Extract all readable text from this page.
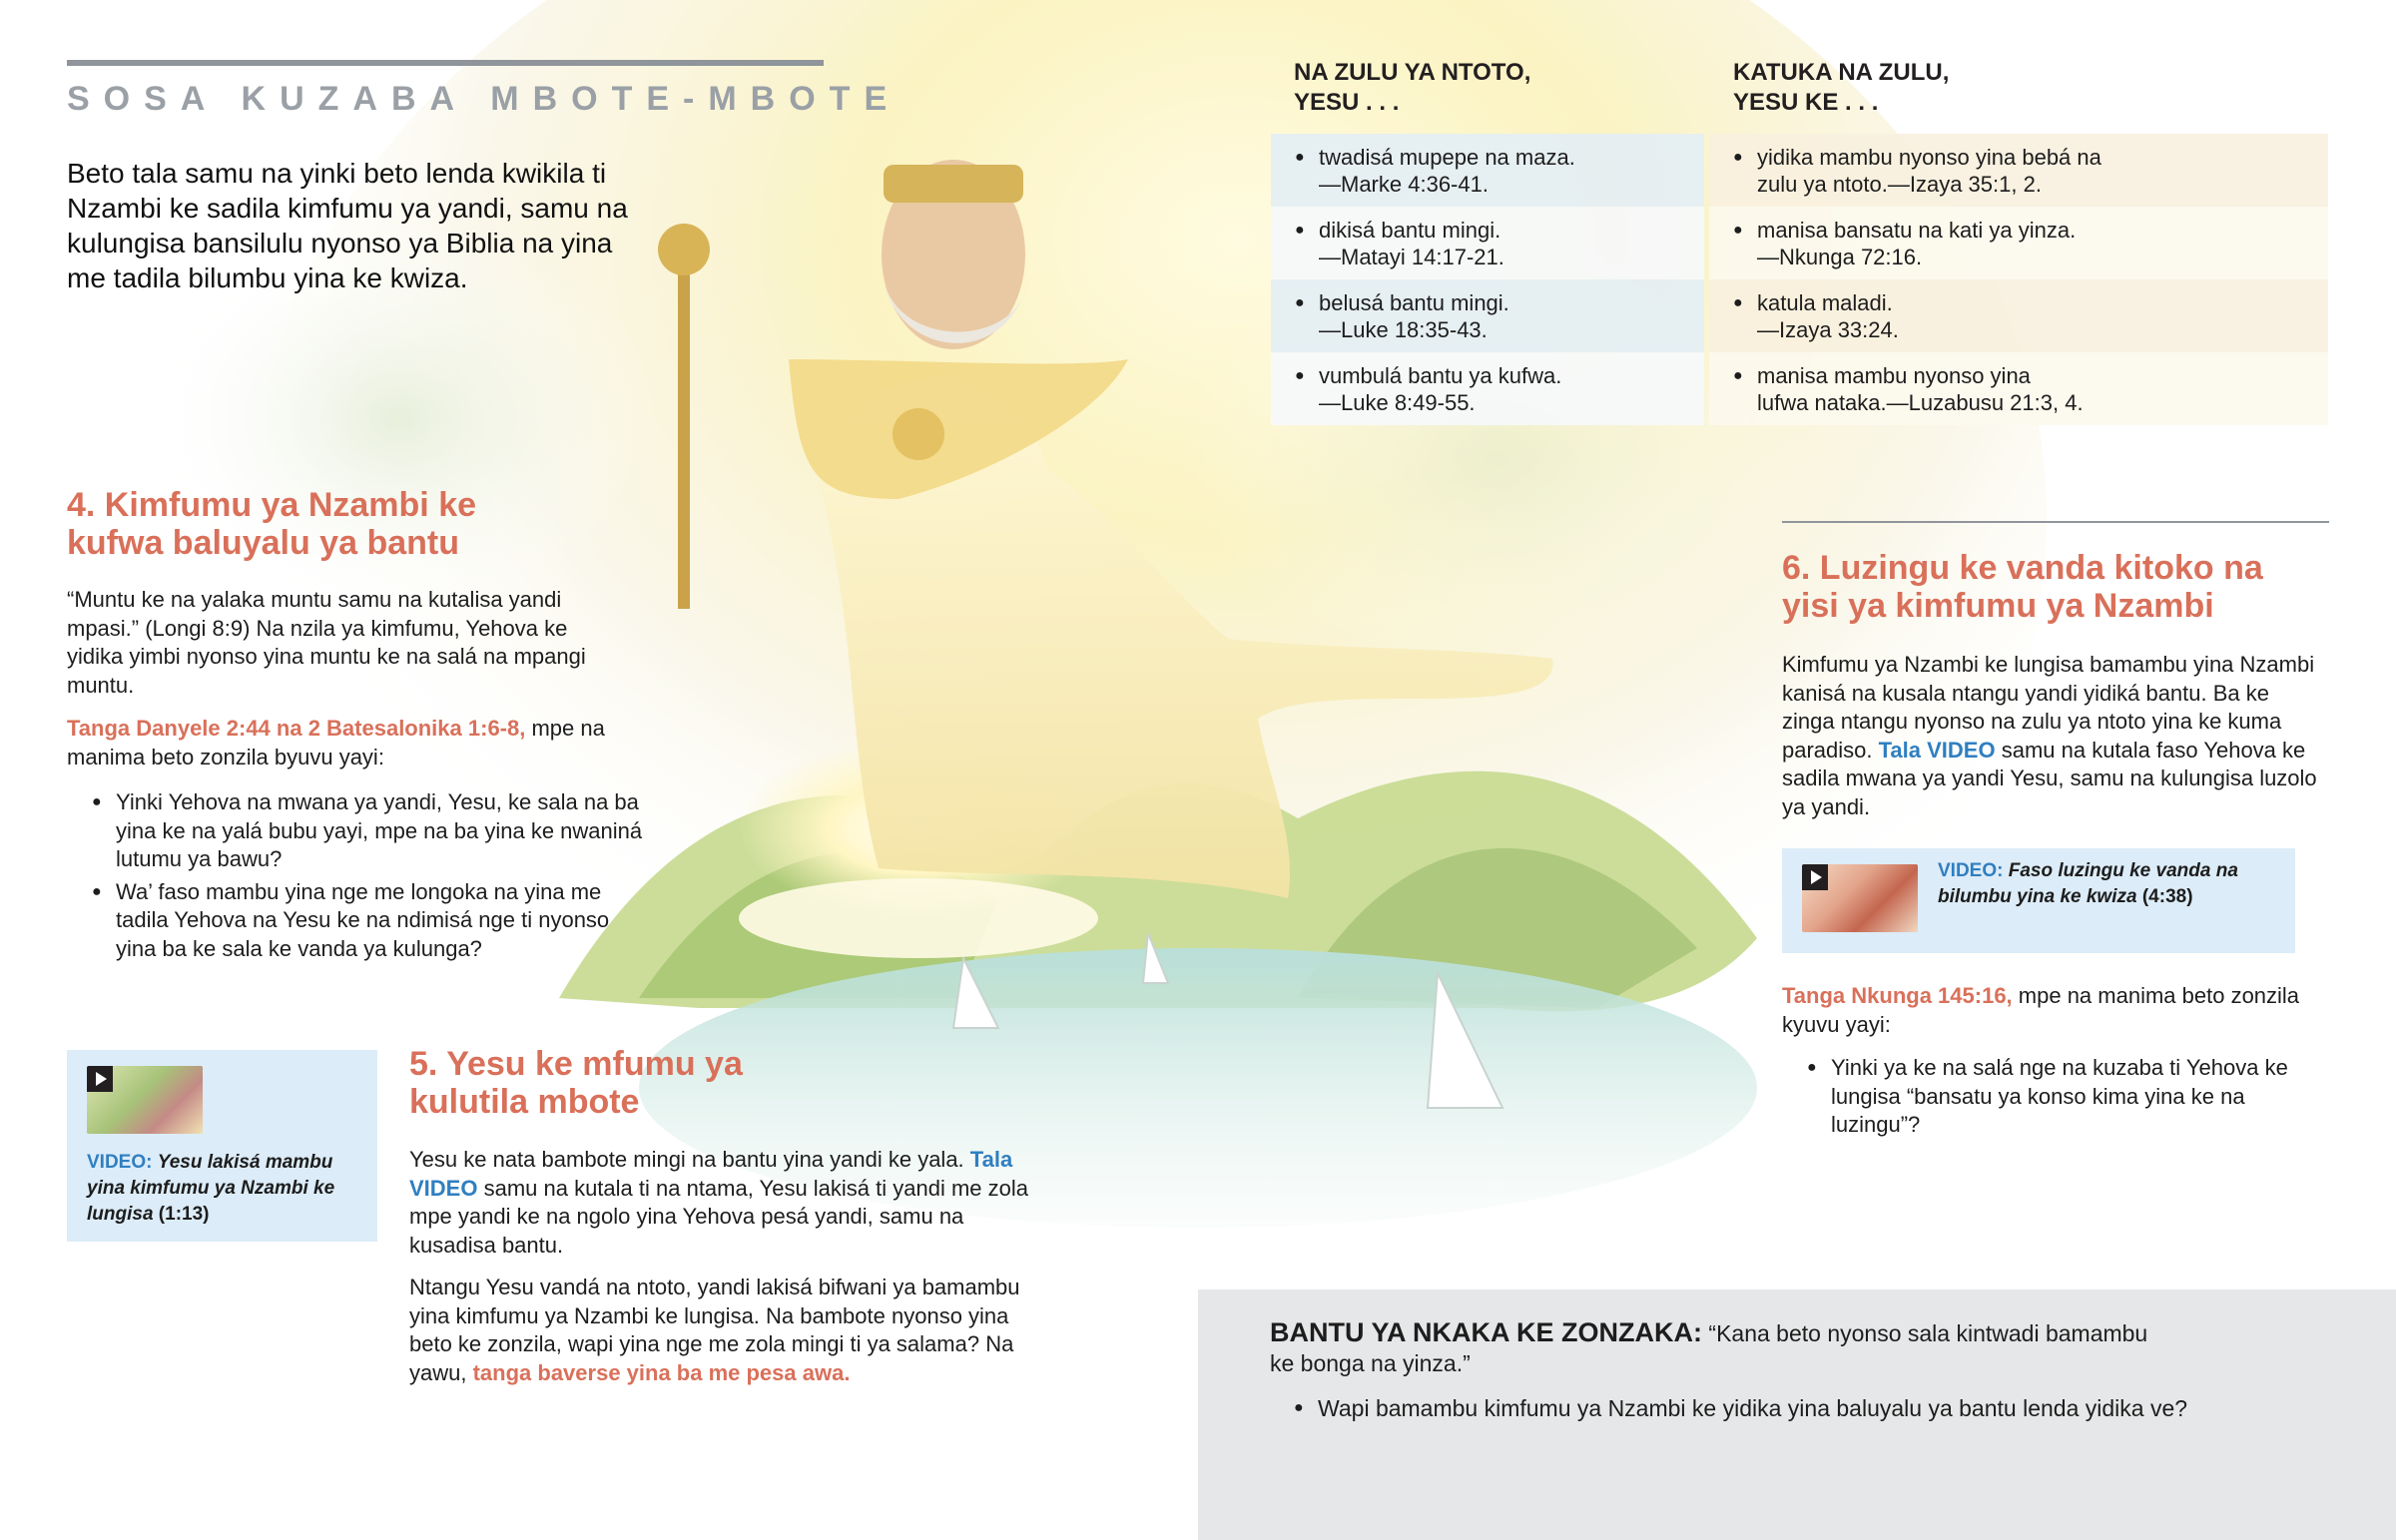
SOSA KUZABA MBOTE-MBOTE
Beto tala samu na yinki beto lenda kwikila ti Nzambi ke sadila kimfumu ya yandi, samu na kulungisa bansilulu nyonso ya Biblia na yina me tadila bilumbu yina ke kwiza.
4. Kimfumu ya Nzambi ke kufwa baluyalu ya bantu
“Muntu ke na yalaka muntu samu na kutalisa yandi mpasi.” (Longi 8:9) Na nzila ya kimfumu, Yehova ke yidika yimbi nyonso yina muntu ke na salá na mpangi muntu.
Tanga Danyele 2:44 na 2 Batesalonika 1:6-8, mpe na manima beto zonzila byuvu yayi:
● Yinki Yehova na mwana ya yandi, Yesu, ke sala na ba yina ke na yalá bubu yayi, mpe na ba yina ke nwaniná lutumu ya bawu?
● Wa’ faso mambu yina nge me longoka na yina me tadila Yehova na Yesu ke na ndimisá nge ti nyonso yina ba ke sala ke vanda ya kulunga?
VIDEO: Yesu lakisá mambu yina kimfumu ya Nzambi ke lungisa (1:13)
5. Yesu ke mfumu ya kulutila mbote
Yesu ke nata bambote mingi na bantu yina yandi ke yala. Tala VIDEO samu na kutala ti na ntama, Yesu lakisá ti yandi me zola mpe yandi ke na ngolo yina Yehova pesá yandi, samu na kusadisa bantu.
Ntangu Yesu vandá na ntoto, yandi lakisá bifwani ya bamambu yina kimfumu ya Nzambi ke lungisa. Na bambote nyonso yina beto ke zonzila, wapi yina nge me zola mingi ti ya salama? Na yawu, tanga baverse yina ba me pesa awa.
NA ZULU YA NTOTO,
YESU . . .
KATUKA NA ZULU,
YESU KE . . .
● twadisá mupepe na maza.
—Marke 4:36-41.
● dikisá bantu mingi.
—Matayi 14:17-21.
● belusá bantu mingi.
—Luke 18:35-43.
● vumbulá bantu ya kufwa.
—Luke 8:49-55.
● yidika mambu nyonso yina bebá na
zulu ya ntoto.—Izaya 35:1, 2.
● manisa bansatu na kati ya yinza.
—Nkunga 72:16.
● katula maladi.
—Izaya 33:24.
● manisa mambu nyonso yina
lufwa nataka.—Luzabusu 21:3, 4.
6. Luzingu ke vanda kitoko na yisi ya kimfumu ya Nzambi
Kimfumu ya Nzambi ke lungisa bamambu yina Nzambi kanisá na kusala ntangu yandi yidiká bantu. Ba ke zinga ntangu nyonso na zulu ya ntoto yina ke kuma paradiso. Tala VIDEO samu na kutala faso Yehova ke sadila mwana ya yandi Yesu, samu na kulungisa luzolo ya yandi.
VIDEO: Faso luzingu ke vanda na bilumbu yina ke kwiza (4:38)
Tanga Nkunga 145:16, mpe na manima beto zonzila kyuvu yayi:
● Yinki ya ke na salá nge na kuzaba ti Yehova ke lungisa “bansatu ya konso kima yina ke na luzingu”?
BANTU YA NKAKA KE ZONZAKA: “Kana beto nyonso sala kintwadi bamambu ke bonga na yinza.”
● Wapi bamambu kimfumu ya Nzambi ke yidika yina baluyalu ya bantu lenda yidika ve?
